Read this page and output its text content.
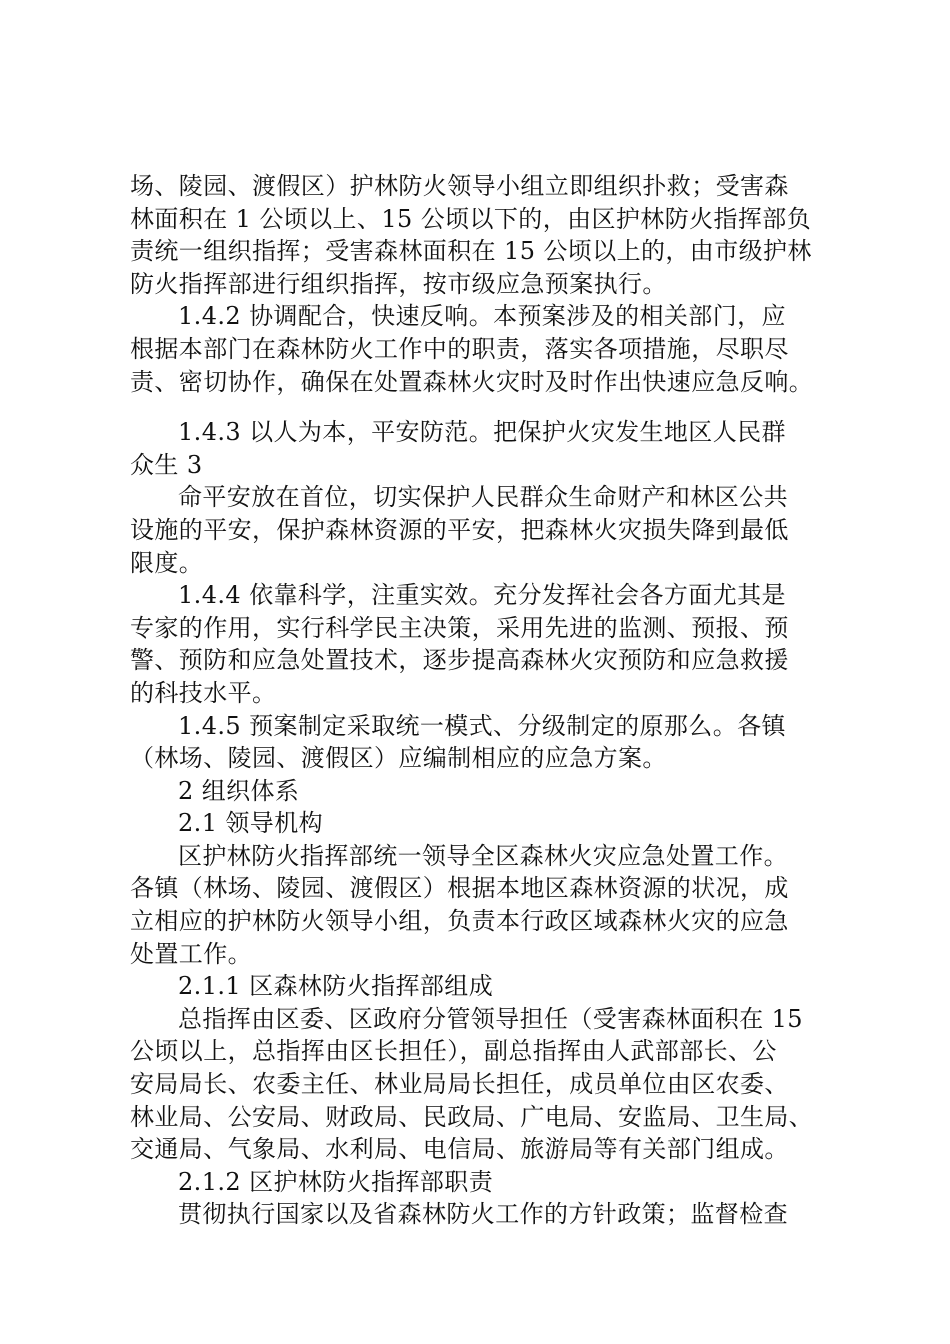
场、陵园、渡假区）护林防火领导小组立即组织扑救；受害森
林面积在 1 公顷以上、15 公顷以下的，由区护林防火指挥部负
责统一组织指挥；受害森林面积在 15 公顷以上的，由市级护林
防火指挥部进行组织指挥，按市级应急预案执行。
1.4.2 协调配合，快速反响。本预案涉及的相关部门，应
根据本部门在森林防火工作中的职责，落实各项措施，尽职尽
责、密切协作，确保在处置森林火灾时及时作出快速应急反响。
1.4.3 以人为本，平安防范。把保护火灾发生地区人民群
众生 3
命平安放在首位，切实保护人民群众生命财产和林区公共
设施的平安，保护森林资源的平安，把森林火灾损失降到最低
限度。
1.4.4 依靠科学，注重实效。充分发挥社会各方面尤其是
专家的作用，实行科学民主决策，采用先进的监测、预报、预
警、预防和应急处置技术，逐步提高森林火灾预防和应急救援
的科技水平。
1.4.5 预案制定采取统一模式、分级制定的原那么。各镇
（林场、陵园、渡假区）应编制相应的应急方案。
2 组织体系
2.1 领导机构
区护林防火指挥部统一领导全区森林火灾应急处置工作。
各镇（林场、陵园、渡假区）根据本地区森林资源的状况，成
立相应的护林防火领导小组，负责本行政区域森林火灾的应急
处置工作。
2.1.1 区森林防火指挥部组成
总指挥由区委、区政府分管领导担任（受害森林面积在 15
公顷以上，总指挥由区长担任），副总指挥由人武部部长、公
安局局长、农委主任、林业局局长担任，成员单位由区农委、
林业局、公安局、财政局、民政局、广电局、安监局、卫生局、
交通局、气象局、水利局、电信局、旅游局等有关部门组成。
2.1.2 区护林防火指挥部职责
贯彻执行国家以及省森林防火工作的方针政策；监督检查
